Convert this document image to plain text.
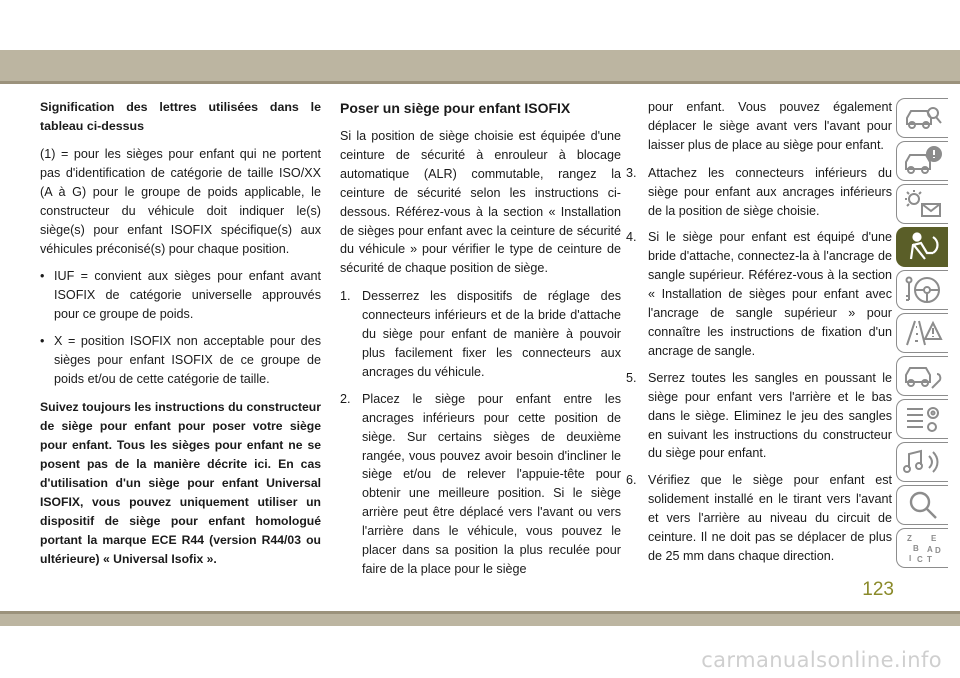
Signification des lettres utilisées dans le tableau ci-dessus

(1) = pour les sièges pour enfant qui ne portent pas d'identification de catégorie de taille ISO/XX (A à G) pour le groupe de poids applicable, le constructeur du véhicule doit indiquer le(s) siège(s) pour enfant ISOFIX spécifique(s) aux véhicules préconisé(s) pour chaque position.

• IUF = convient aux sièges pour enfant avant ISOFIX de catégorie universelle approuvés pour ce groupe de poids.
• X = position ISOFIX non acceptable pour des sièges pour enfant ISOFIX de ce groupe de poids et/ou de cette catégorie de taille.

Suivez toujours les instructions du constructeur de siège pour enfant pour poser votre siège pour enfant. Tous les sièges pour enfant ne se posent pas de la manière décrite ici. En cas d'utilisation d'un siège pour enfant Universal ISOFIX, vous pouvez uniquement utiliser un dispositif de siège pour enfant homologué portant la marque ECE R44 (version R44/03 ou ultérieure) « Universal Isofix ».

Poser un siège pour enfant ISOFIX

Si la position de siège choisie est équipée d'une ceinture de sécurité à enrouleur à blocage automatique (ALR) commutable, rangez la ceinture de sécurité selon les instructions ci-dessous. Référez-vous à la section « Installation de sièges pour enfant avec la ceinture de sécurité du véhicule » pour vérifier le type de ceinture de sécurité de chaque position de siège.

1. Desserrez les dispositifs de réglage des connecteurs inférieurs et de la bride d'attache du siège pour enfant de manière à pouvoir plus facilement fixer les connecteurs aux ancrages du véhicule.
2. Placez le siège pour enfant entre les ancrages inférieurs pour cette position de siège. Sur certains sièges de deuxième rangée, vous pouvez avoir besoin d'incliner le siège et/ou de relever l'appuie-tête pour obtenir une meilleure position. Si le siège arrière peut être déplacé vers l'avant ou vers l'arrière dans le véhicule, vous pouvez le placer dans sa position la plus reculée pour faire de la place pour le siège

pour enfant. Vous pouvez également déplacer le siège avant vers l'avant pour laisser plus de place au siège pour enfant.

3. Attachez les connecteurs inférieurs du siège pour enfant aux ancrages inférieurs de la position de siège choisie.
4. Si le siège pour enfant est équipé d'une bride d'attache, connectez-la à l'ancrage de sangle supérieur. Référez-vous à la section « Installation de sièges pour enfant avec l'ancrage de sangle supérieur » pour connaître les instructions de fixation d'un ancrage de sangle.
5. Serrez toutes les sangles en poussant le siège pour enfant vers l'arrière et le bas dans le siège. Eliminez le jeu des sangles en suivant les instructions du constructeur du siège pour enfant.
6. Vérifiez que le siège pour enfant est solidement installé en le tirant vers l'avant et vers l'arrière au niveau du circuit de ceinture. Il ne doit pas se déplacer de plus de 25 mm dans chaque direction.
Z E
B A
I
D
C T
123
carmanualsonline.info
